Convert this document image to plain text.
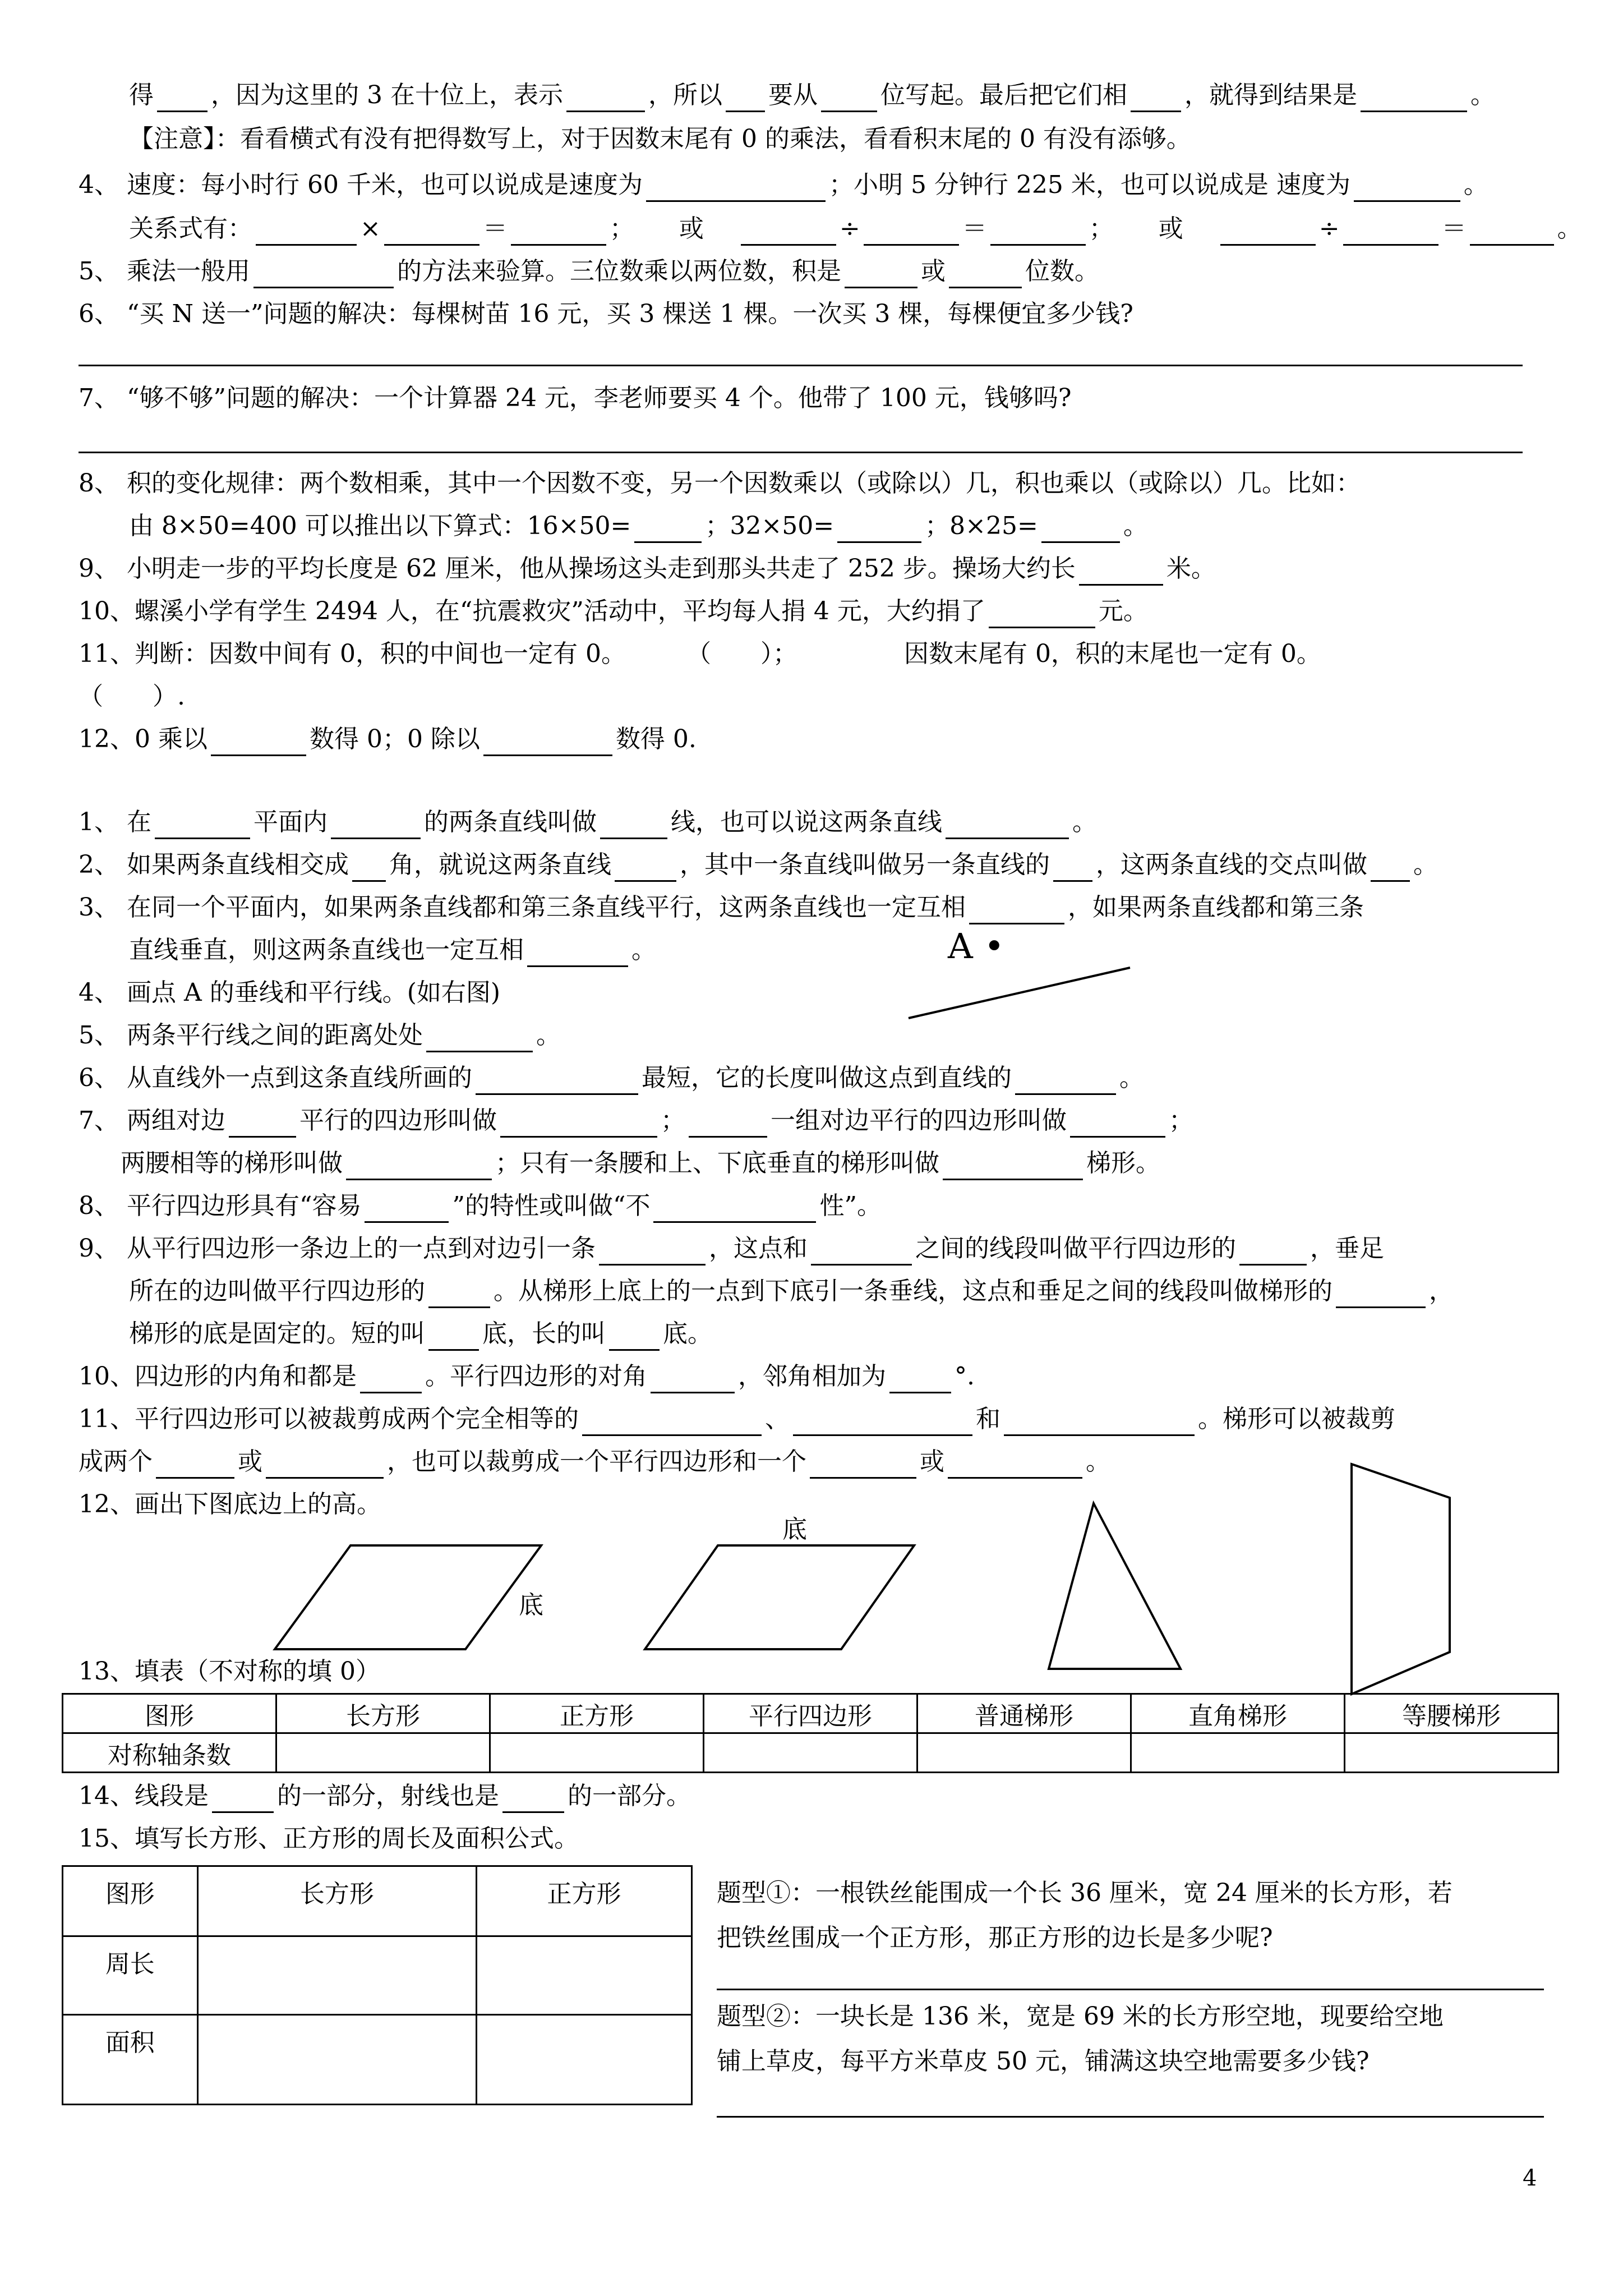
得 ，因为这里的 3 在十位上，表示	，所以 要从	位写起。最后把它们相 ，就得到结果是	。
【注意】：看看横式有没有把得数写上，对于因数末尾有 0 的乘法，看看积末尾的 0 有没有添够。
4、 速度：每小时行 60 千米，也可以说成是速度为	；小明 5 分钟行 225 米，也可以说成是 速度为	。
关系式有：	×	＝	； 或	÷	＝	； 或	÷	＝	。
5、 乘法一般用	的方法来验算。三位数乘以两位数，积是	或	位数。
6、 “买 N 送一”问题的解决：每棵树苗 16 元，买 3 棵送 1 棵。一次买 3 棵，每棵便宜多少钱?
7、 “够不够”问题的解决：一个计算器 24 元，李老师要买 4 个。他带了 100 元，钱够吗?
8、 积的变化规律：两个数相乘，其中一个因数不变，另一个因数乘以（或除以）几，积也乘以（或除以）几。比如：
由 8×50=400 可以推出以下算式：16×50=	；32×50=	；8×25=	。
9、 小明走一步的平均长度是 62 厘米，他从操场这头走到那头共走了 252 步。操场大约长	米。
10、螺溪小学有学生 2494 人，在“抗震救灾”活动中，平均每人捐 4 元，大约捐了	元。
11、判断：因数中间有 0，积的中间也一定有 0。	（　　）；	因数末尾有 0，积的末尾也一定有 0。
（　　）.
12、0 乘以	数得 0；0 除以	数得 0.
1、 在	平面内	的两条直线叫做	线，也可以说这两条直线	。
2、 如果两条直线相交成 角，就说这两条直线	，其中一条直线叫做另一条直线的 ，这两条直线的交点叫做 。
3、 在同一个平面内，如果两条直线都和第三条直线平行，这两条直线也一定互相	，如果两条直线都和第三条
直线垂直，则这两条直线也一定互相	。	A •
4、 画点 A 的垂线和平行线。(如右图)
5、 两条平行线之间的距离处处	。
6、 从直线外一点到这条直线所画的	最短，它的长度叫做这点到直线的	。
7、 两组对边	平行的四边形叫做	；	一组对边平行的四边形叫做	；
两腰相等的梯形叫做	；只有一条腰和上、下底垂直的梯形叫做	梯形。
8、 平行四边形具有“容易	”的特性或叫做“不	性”。
9、 从平行四边形一条边上的一点到对边引一条	，这点和	之间的线段叫做平行四边形的	，垂足
所在的边叫做平行四边形的	。从梯形上底上的一点到下底引一条垂线，这点和垂足之间的线段叫做梯形的	，
梯形的底是固定的。短的叫 底，长的叫 底。
10、四边形的内角和都是	。平行四边形的对角	，邻角相加为	°.
11、平行四边形可以被裁剪成两个完全相等的	、	和	。梯形可以被裁剪
成两个	或	，也可以裁剪成一个平行四边形和一个	或	。
12、画出下图底边上的高。
底
底
13、填表（不对称的填 0）
图形	长方形	正方形	平行四边形	普通梯形	直角梯形	等腰梯形
对称轴条数						
14、线段是	的一部分，射线也是	的一部分。
15、填写长方形、正方形的周长及面积公式。
图形	长方形	正方形
周长		
面积		
题型①：一根铁丝能围成一个长 36 厘米，宽 24 厘米的长方形，若
把铁丝围成一个正方形，那正方形的边长是多少呢?
题型②：一块长是 136 米，宽是 69 米的长方形空地，现要给空地
铺上草皮，每平方米草皮 50 元，铺满这块空地需要多少钱?
4
